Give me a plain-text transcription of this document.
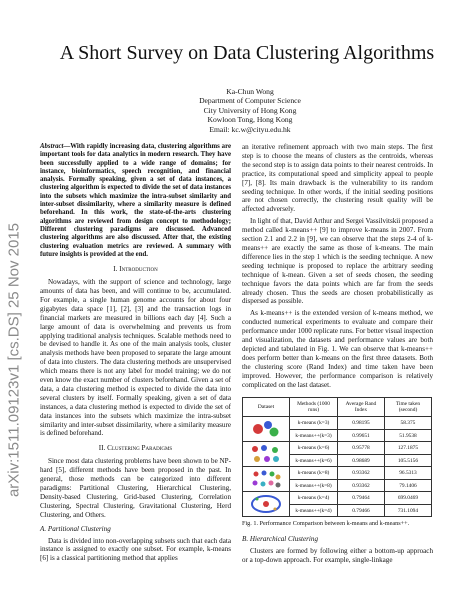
arXiv:1511.09123v1 [cs.DS] 25 Nov 2015
A Short Survey on Data Clustering Algorithms
Ka-Chun Wong
Department of Computer Science
City University of Hong Kong
Kowloon Tong, Hong Kong
Email: kc.w@cityu.edu.hk

Abstract—With rapidly increasing data, clustering algorithms are important tools for data analytics in modern research. They have been successfully applied to a wide range of domains; for instance, bioinformatics, speech recognition, and financial analysis. Formally speaking, given a set of data instances, a clustering algorithm is expected to divide the set of data instances into the subsets which maximize the intra-subset similarity and inter-subset dissimilarity, where a similarity measure is defined beforehand. In this work, the state-of-the-arts clustering algorithms are reviewed from design concept to methodology; Different clustering paradigms are discussed. Advanced clustering algorithms are also discussed. After that, the existing clustering evaluation metrics are reviewed. A summary with future insights is provided at the end.

I. Introduction

Nowadays, with the support of science and technology, large amounts of data has been, and will continue to be, accumulated. For example, a single human genome accounts for about four gigabytes data space [1], [2], [3] and the transaction logs in financial markets are measured in billions each day [4]. Such a large amount of data is overwhelming and prevents us from applying traditional analysis techniques. Scalable methods need to be devised to handle it. As one of the main analysis tools, cluster analysis methods have been proposed to separate the large amount of data into clusters. The data clustering methods are unsupervised which means there is not any label for model training; we do not even know the exact number of clusters beforehand. Given a set of data, a data clustering method is expected to divide the data into several clusters by itself. Formally speaking, given a set of data instances, a data clustering method is expected to divide the set of data instances into the subsets which maximize the intra-subset similarity and inter-subset dissimilarity, where a similarity measure is defined beforehand.

II. Clustering Paradigms

Since most data clustering problems have been shown to be NP-hard [5], different methods have been proposed in the past. In general, those methods can be categorized into different paradigms: Partitional Clustering, Hierarchical Clustering, Density-based Clustering, Grid-based Clustering, Correlation Clustering, Spectral Clustering, Gravitational Clustering, Herd Clustering, and Others.

A. Partitional Clustering

Data is divided into non-overlapping subsets such that each data instance is assigned to exactly one subset. For example, k-means [6] is a classical partitioning method that applies

an iterative refinement approach with two main steps. The first step is to choose the means of clusters as the centroids, whereas the second step is to assign data points to their nearest centroids. In practice, its computational speed and simplicity appeal to people [7], [8]. Its main drawback is the vulnerability to its random seeding technique. In other words, if the initial seeding positions are not chosen correctly, the clustering result quality will be affected adversely.

In light of that, David Arthur and Sergei Vassilvitskii proposed a method called k-means++ [9] to improve k-means in 2007. From section 2.1 and 2.2 in [9], we can observe that the steps 2-4 of k-means++ are exactly the same as those of k-means. The main difference lies in the step 1 which is the seeding technique. A new seeding technique is proposed to replace the arbitrary seeding technique of k-mean. Given a set of seeds chosen, the seeding technique favors the data points which are far from the seeds already chosen. Thus the seeds are chosen probabilistically as dispersed as possible.

As k-means++ is the extended version of k-means method, we conducted numerical experiments to evaluate and compare their performance under 1000 replicate runs. For better visual inspection and visualization, the datasets and performance values are both depicted and tabulated in Fig. 1. We can observe that k-means++ does perform better than k-means on the first three datasets. Both the clustering score (Rand Index) and time taken have been improved. However, the performance comparison is relatively complicated on the last dataset.

Dataset	Methods (1000 runs)	Average Rand Index	Time taken (second)

	k-means (k=3)	0.98195	58.375
	k-means++(k=3)	0.99651	51.9538

	k-means (k=6)	0.95778	127.1875
	k-means++(k=6)	0.98689	105.5156

	k-means (k=8)	0.93362	96.5313
	k-means++(k=8)	0.93362	79.1406

	k-means (k=4)	0.79464	699.0469
	k-means++(k=4)	0.79466	731.1094
Fig. 1. Performance Comparison between k-means and k-means++.
B. Hierarchical Clustering

Clusters are formed by following either a bottom-up approach or a top-down approach. For example, single-linkage
